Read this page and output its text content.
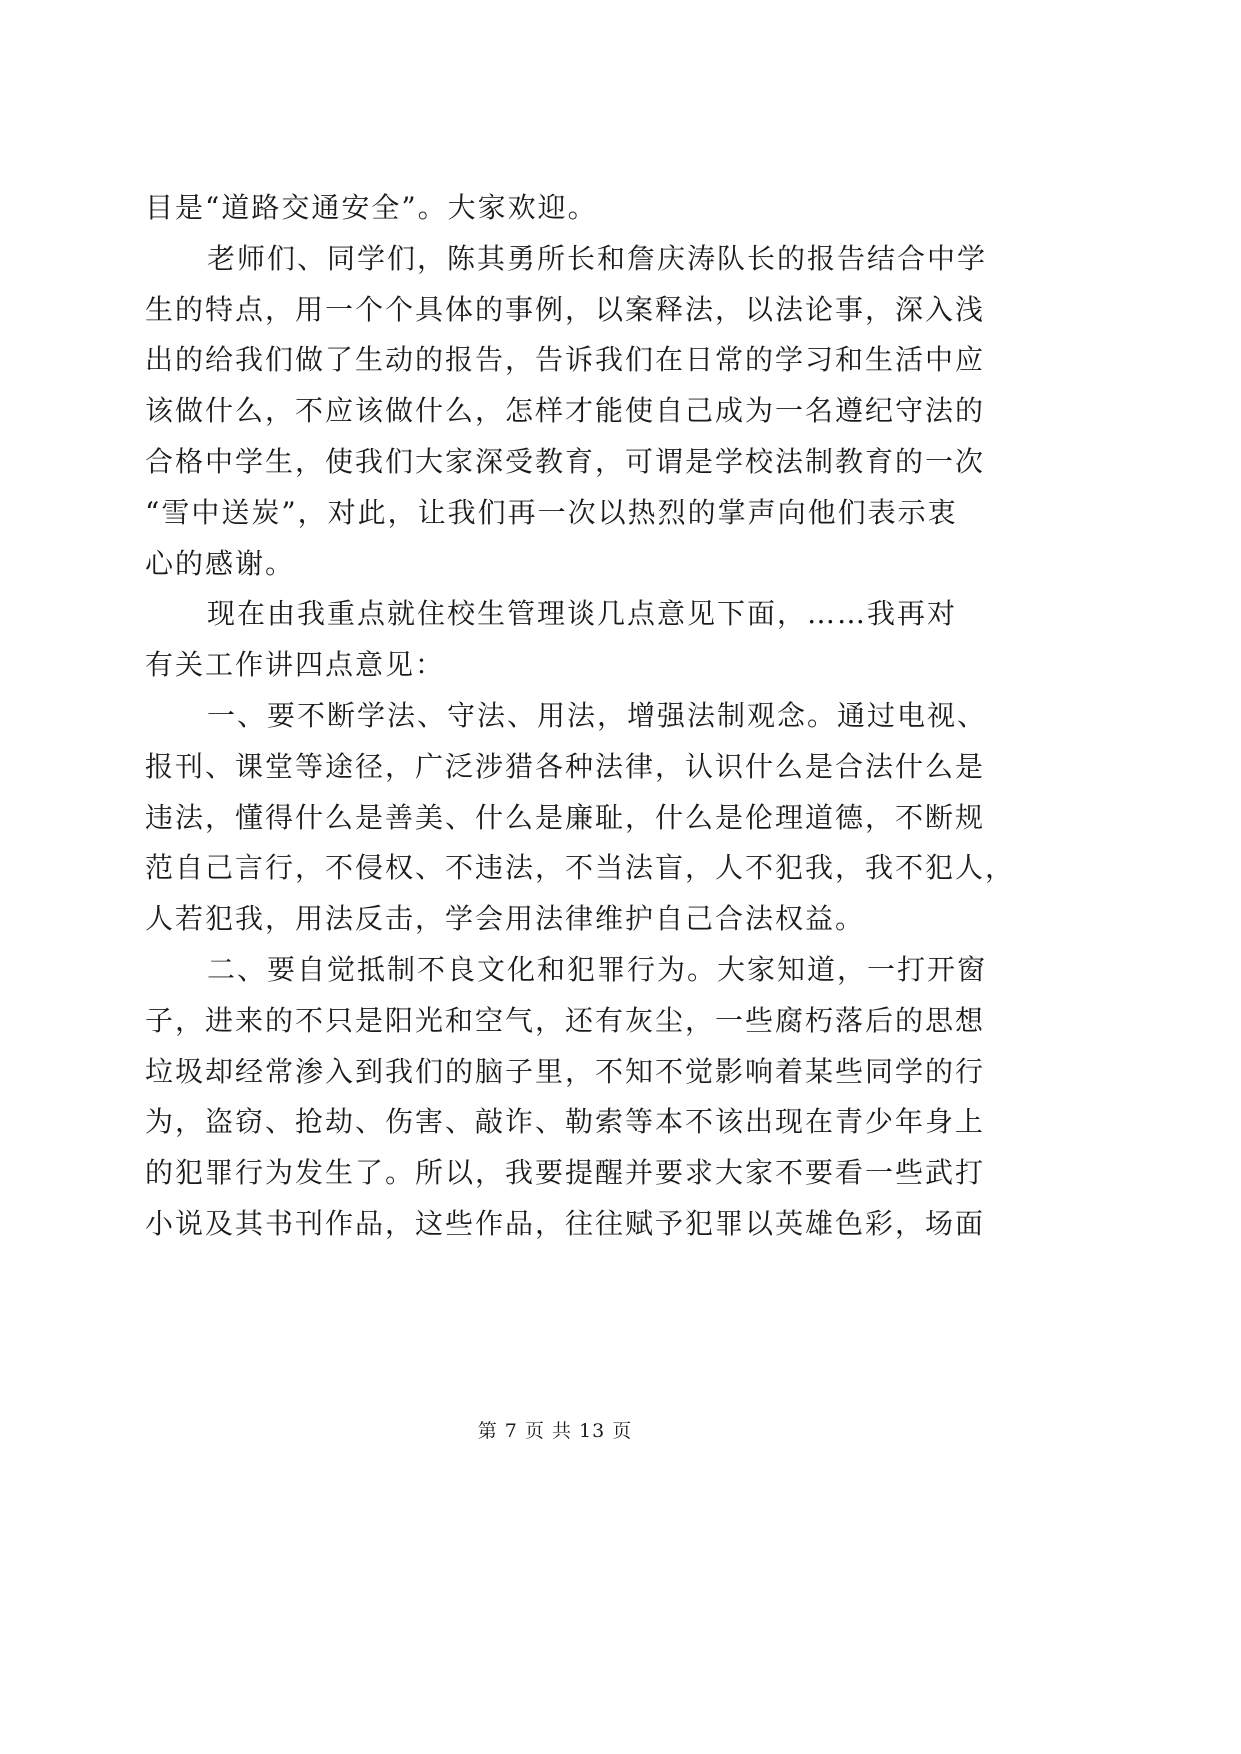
目是“道路交通安全”。大家欢迎。
老师们、同学们，陈其勇所长和詹庆涛队长的报告结合中学
生的特点，用一个个具体的事例，以案释法，以法论事，深入浅
出的给我们做了生动的报告，告诉我们在日常的学习和生活中应
该做什么，不应该做什么，怎样才能使自己成为一名遵纪守法的
合格中学生，使我们大家深受教育，可谓是学校法制教育的一次
“雪中送炭”，对此，让我们再一次以热烈的掌声向他们表示衷
心的感谢。
现在由我重点就住校生管理谈几点意见下面，……我再对
有关工作讲四点意见：
一、要不断学法、守法、用法，增强法制观念。通过电视、
报刊、课堂等途径，广泛涉猎各种法律，认识什么是合法什么是
违法，懂得什么是善美、什么是廉耻，什么是伦理道德，不断规
范自己言行，不侵权、不违法，不当法盲，人不犯我，我不犯人，
人若犯我，用法反击，学会用法律维护自己合法权益。
二、要自觉抵制不良文化和犯罪行为。大家知道，一打开窗
子，进来的不只是阳光和空气，还有灰尘，一些腐朽落后的思想
垃圾却经常渗入到我们的脑子里，不知不觉影响着某些同学的行
为，盗窃、抢劫、伤害、敲诈、勒索等本不该出现在青少年身上
的犯罪行为发生了。所以，我要提醒并要求大家不要看一些武打
小说及其书刊作品，这些作品，往往赋予犯罪以英雄色彩，场面
第 7 页 共 13 页
